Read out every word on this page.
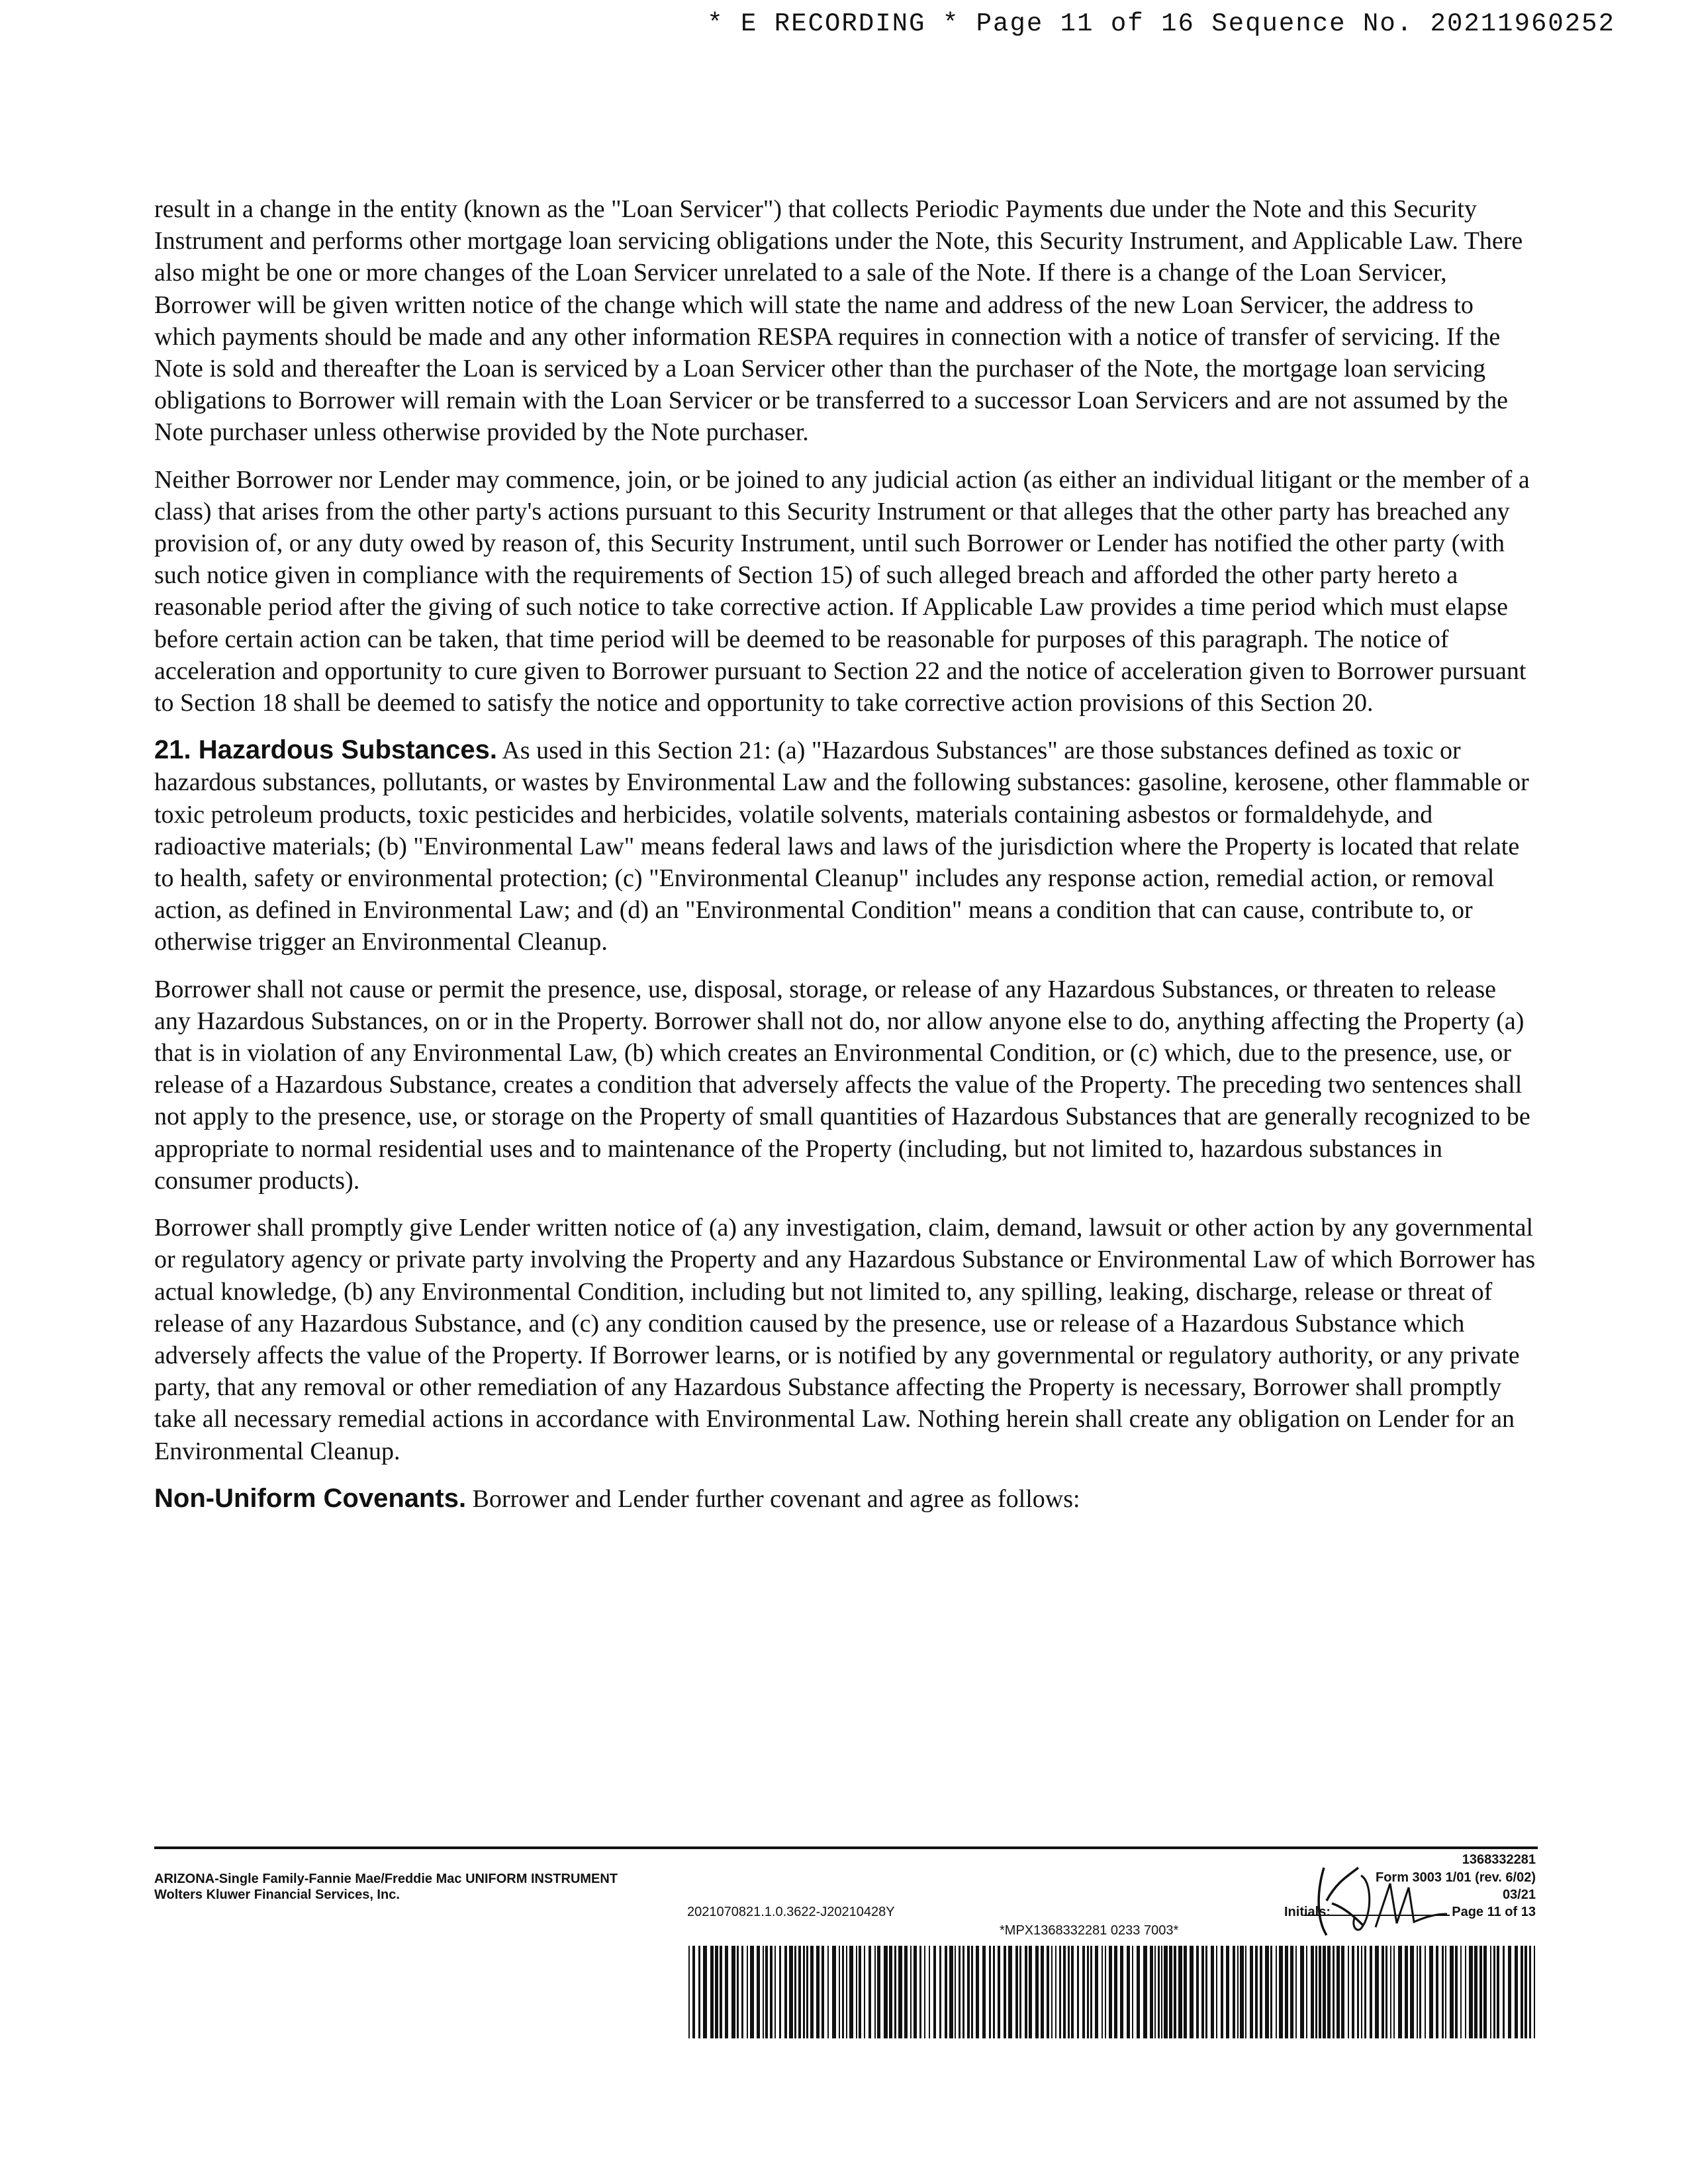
* E RECORDING * Page 11 of 16 Sequence No. 20211960252

result in a change in the entity (known as the "Loan Servicer") that collects Periodic Payments due under the Note and this Security Instrument and performs other mortgage loan servicing obligations under the Note, this Security Instrument, and Applicable Law. There also might be one or more changes of the Loan Servicer unrelated to a sale of the Note. If there is a change of the Loan Servicer, Borrower will be given written notice of the change which will state the name and address of the new Loan Servicer, the address to which payments should be made and any other information RESPA requires in connection with a notice of transfer of servicing. If the Note is sold and thereafter the Loan is serviced by a Loan Servicer other than the purchaser of the Note, the mortgage loan servicing obligations to Borrower will remain with the Loan Servicer or be transferred to a successor Loan Servicers and are not assumed by the Note purchaser unless otherwise provided by the Note purchaser.

Neither Borrower nor Lender may commence, join, or be joined to any judicial action (as either an individual litigant or the member of a class) that arises from the other party's actions pursuant to this Security Instrument or that alleges that the other party has breached any provision of, or any duty owed by reason of, this Security Instrument, until such Borrower or Lender has notified the other party (with such notice given in compliance with the requirements of Section 15) of such alleged breach and afforded the other party hereto a reasonable period after the giving of such notice to take corrective action. If Applicable Law provides a time period which must elapse before certain action can be taken, that time period will be deemed to be reasonable for purposes of this paragraph. The notice of acceleration and opportunity to cure given to Borrower pursuant to Section 22 and the notice of acceleration given to Borrower pursuant to Section 18 shall be deemed to satisfy the notice and opportunity to take corrective action provisions of this Section 20.

21. Hazardous Substances. As used in this Section 21: (a) "Hazardous Substances" are those substances defined as toxic or hazardous substances, pollutants, or wastes by Environmental Law and the following substances: gasoline, kerosene, other flammable or toxic petroleum products, toxic pesticides and herbicides, volatile solvents, materials containing asbestos or formaldehyde, and radioactive materials; (b) "Environmental Law" means federal laws and laws of the jurisdiction where the Property is located that relate to health, safety or environmental protection; (c) "Environmental Cleanup" includes any response action, remedial action, or removal action, as defined in Environmental Law; and (d) an "Environmental Condition" means a condition that can cause, contribute to, or otherwise trigger an Environmental Cleanup.

Borrower shall not cause or permit the presence, use, disposal, storage, or release of any Hazardous Substances, or threaten to release any Hazardous Substances, on or in the Property. Borrower shall not do, nor allow anyone else to do, anything affecting the Property (a) that is in violation of any Environmental Law, (b) which creates an Environmental Condition, or (c) which, due to the presence, use, or release of a Hazardous Substance, creates a condition that adversely affects the value of the Property. The preceding two sentences shall not apply to the presence, use, or storage on the Property of small quantities of Hazardous Substances that are generally recognized to be appropriate to normal residential uses and to maintenance of the Property (including, but not limited to, hazardous substances in consumer products).

Borrower shall promptly give Lender written notice of (a) any investigation, claim, demand, lawsuit or other action by any governmental or regulatory agency or private party involving the Property and any Hazardous Substance or Environmental Law of which Borrower has actual knowledge, (b) any Environmental Condition, including but not limited to, any spilling, leaking, discharge, release or threat of release of any Hazardous Substance, and (c) any condition caused by the presence, use or release of a Hazardous Substance which adversely affects the value of the Property. If Borrower learns, or is notified by any governmental or regulatory authority, or any private party, that any removal or other remediation of any Hazardous Substance affecting the Property is necessary, Borrower shall promptly take all necessary remedial actions in accordance with Environmental Law. Nothing herein shall create any obligation on Lender for an Environmental Cleanup.

Non-Uniform Covenants. Borrower and Lender further covenant and agree as follows:

1368332281
ARIZONA-Single Family-Fannie Mae/Freddie Mac UNIFORM INSTRUMENT
Wolters Kluwer Financial Services, Inc.
Form 3003 1/01 (rev. 6/02)
03/21
2021070821.1.0.3622-J20210428Y	Initials:	Page 11 of 13
*MPX1368332281 0233 7003*
